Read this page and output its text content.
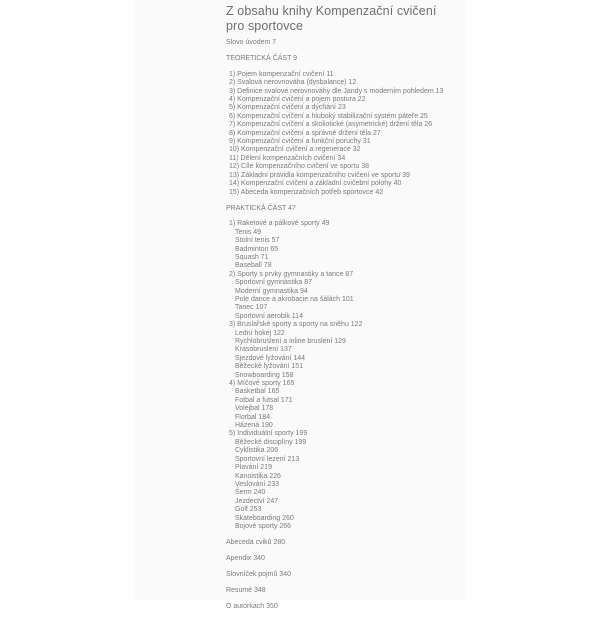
Z obsahu knihy Kompenzační cvičení pro sportovce
Slovo úvodem 7
TEORETICKÁ ČÁST 9
1) Pojem kompenzační cvičení 11
2) Svalová nerovnováha (dysbalance) 12
3) Definice svalové nerovnováhy dle Jandy s moderním pohledem 13
4) Kompenzační cvičení a pojem postura 22
5) Kompenzační cvičení a dýchání 23
6) Kompenzační cvičení a hluboký stabilizační systém páteře 25
7) Kompenzační cvičení a skoliotické (asymetrické) držení těla 26
8) Kompenzační cvičení a správné držení těla 27
9) Kompenzační cvičení a funkční poruchy 31
10) Kompenzační cvičení a regenerace 32
11) Dělení kompenzačních cvičení 34
12) Cíle kompenzačního cvičení ve sportu 38
13) Základní pravidla kompenzačního cvičení ve sportu 39
14) Kompenzační cvičení a základní cvičební polohy 40
15) Abeceda kompenzačních potřeb sportovce 42
PRAKTICKÁ ČÁST 47
1) Raketové a pálkové sporty 49
Tenis 49
Stolní tenis 57
Badminton 65
Squash 71
Baseball 78
2) Sporty s prvky gymnastiky a tance 87
Sportovní gymnastika 87
Moderní gymnastika 94
Pole dance a akrobacie na šálách 101
Tanec 107
Sportovní aerobik 114
3) Bruslařské sporty a sporty na sněhu 122
Lední hokej 122
Rychlobruslení a inline bruslení 129
Krasobruslení 137
Sjezdové lyžování 144
Běžecké lyžování 151
Snowboarding 158
4) Míčové sporty 165
Basketbal 165
Fotbal a futsal 171
Volejbal 178
Florbal 184
Házená 190
5) Individuální sporty 199
Běžecké disciplíny 199
Cyklistika 206
Sportovní lezení 213
Plavání 219
Kanoistika 226
Veslování 233
Šerm 240
Jezdectví 247
Golf 253
Skateboarding 260
Bojové sporty 266
Abeceda cviků 280
Apendix 340
Slovníček pojmů 340
Resumé 348
O autorkách 350
